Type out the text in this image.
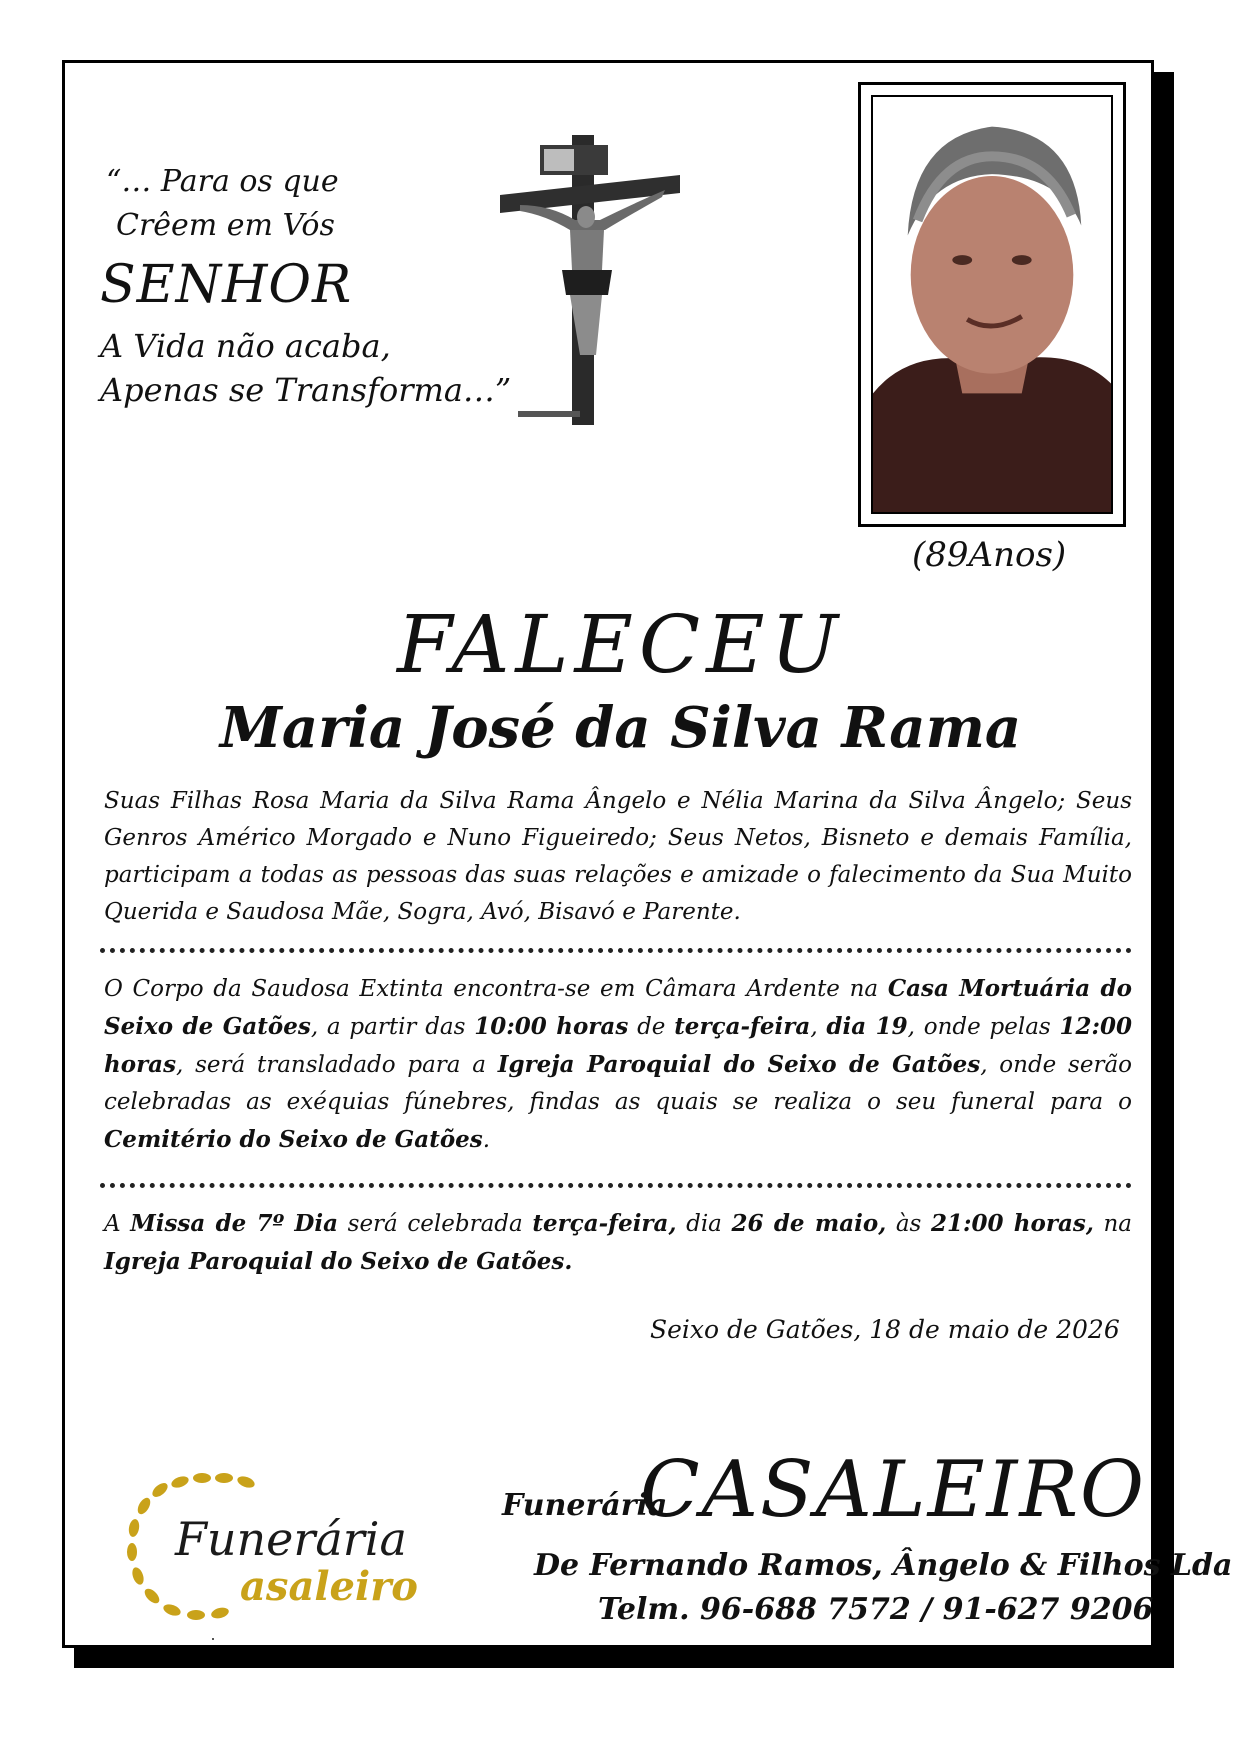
“… Para os que
Crêem em Vós
SENHOR
A Vida não acaba,
Apenas se Transforma…”
(89Anos)
FALECEU
Maria José da Silva Rama
Suas Filhas Rosa Maria da Silva Rama Ângelo e Nélia Marina da Silva Ângelo; Seus Genros Américo Morgado e Nuno Figueiredo; Seus Netos, Bisneto e demais Família, participam a todas as pessoas das suas relações e amizade o falecimento da Sua Muito Querida e Saudosa Mãe, Sogra, Avó, Bisavó e Parente.
O Corpo da Saudosa Extinta encontra-se em Câmara Ardente na Casa Mortuária do Seixo de Gatões, a partir das 10:00 horas de terça-feira, dia 19, onde pelas 12:00 horas, será transladado para a Igreja Paroquial do Seixo de Gatões, onde serão celebradas as exéquias fúnebres, findas as quais se realiza o seu funeral para o Cemitério do Seixo de Gatões.
A Missa de 7º Dia será celebrada terça-feira, dia 26 de maio, às 21:00 horas, na Igreja Paroquial do Seixo de Gatões.
Seixo de Gatões, 18 de maio de 2026
Funerária
asaleiro
Funerária
CASALEIRO
De Fernando Ramos, Ângelo & Filhos Lda
Telm. 96-688 7572 / 91-627 9206
